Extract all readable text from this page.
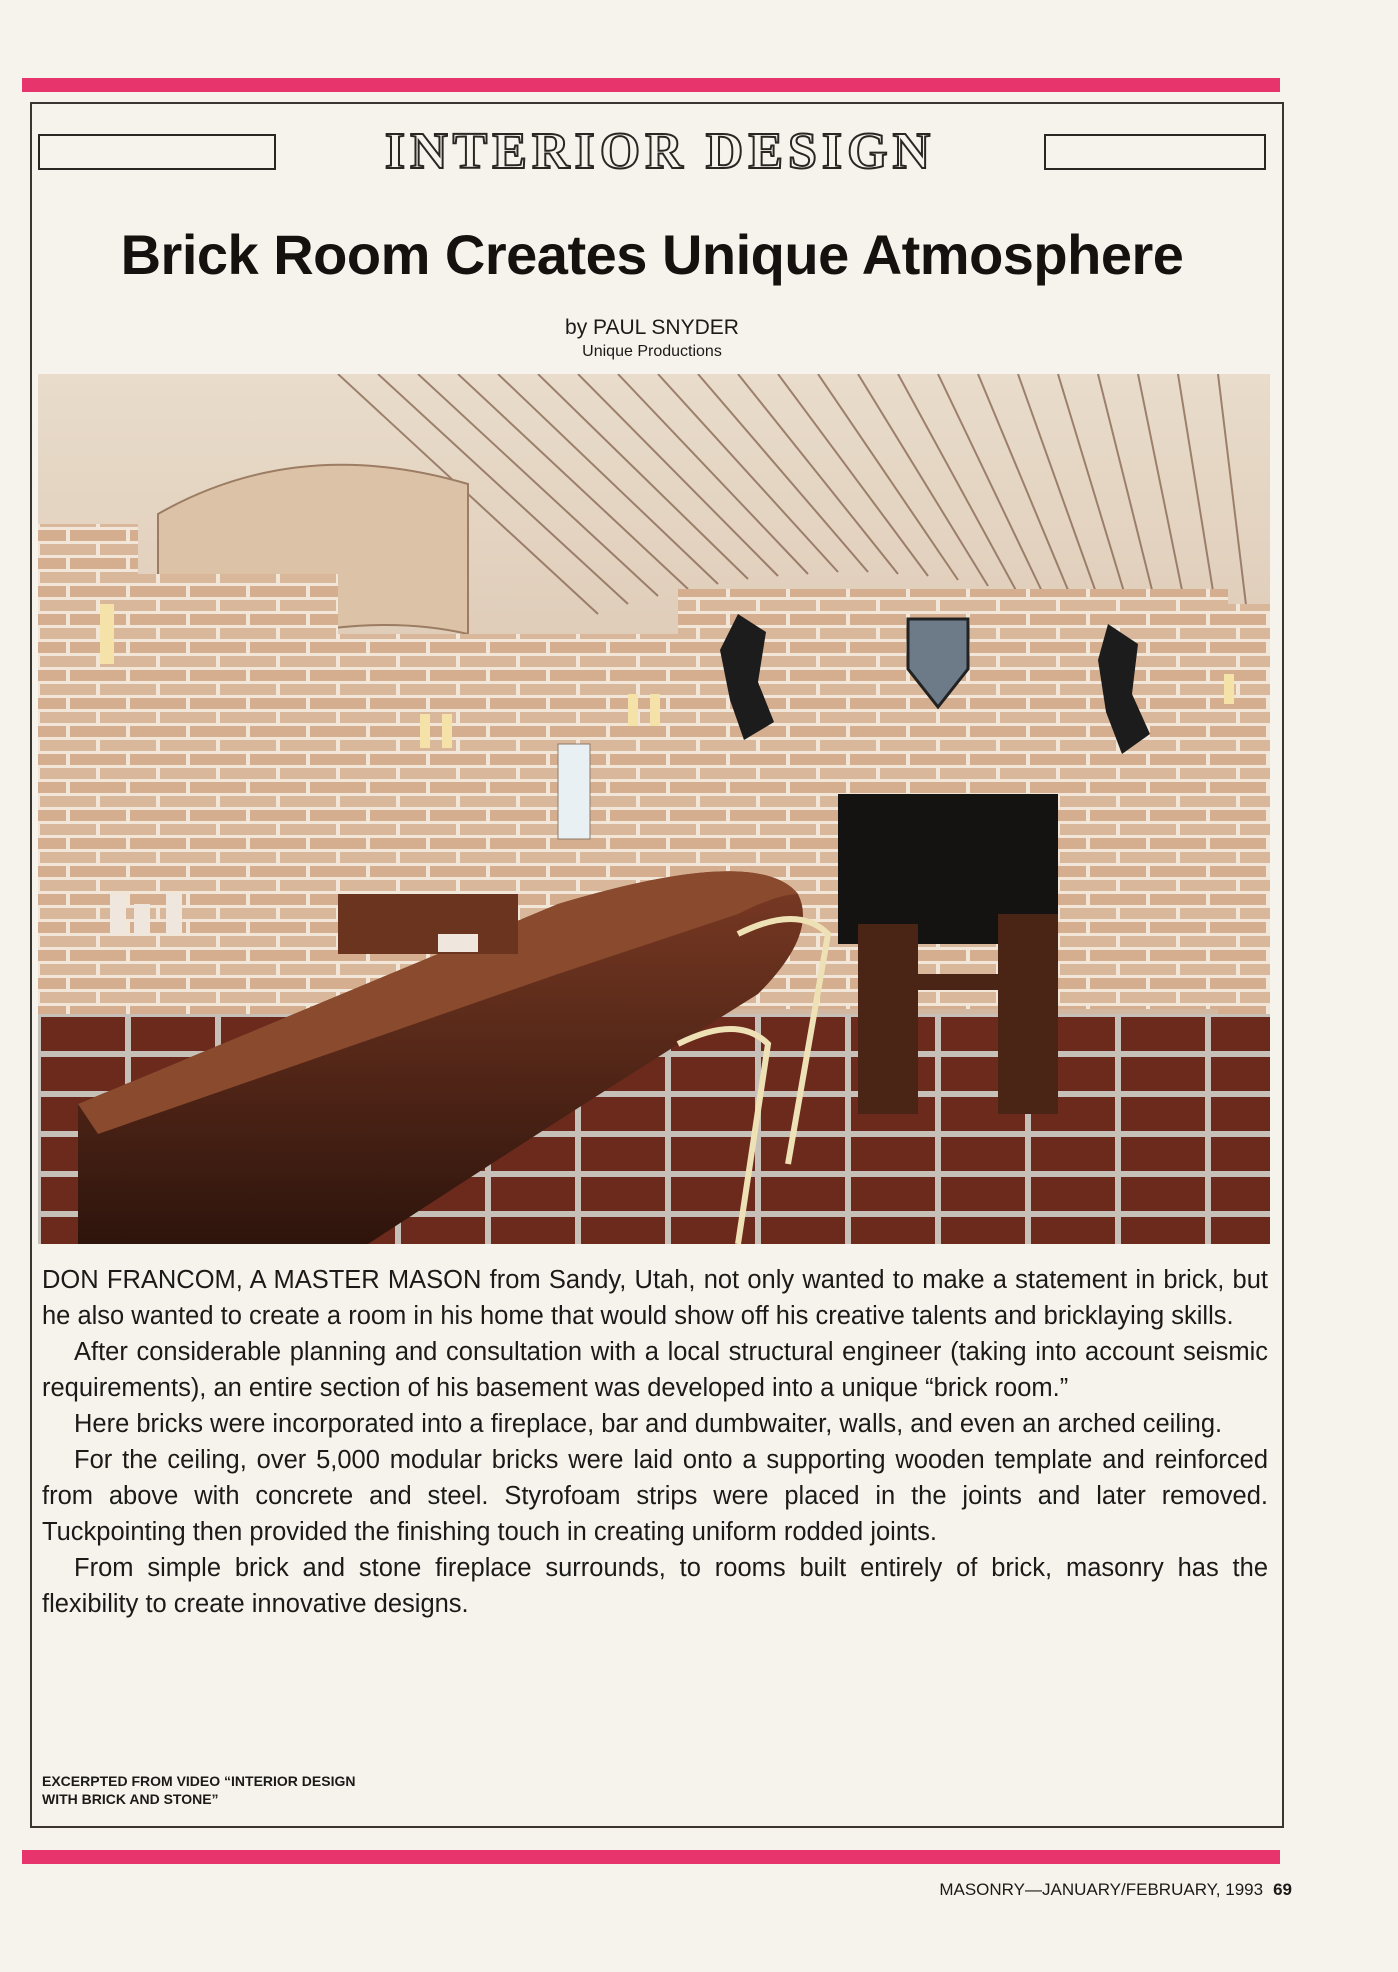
INTERIOR DESIGN
Brick Room Creates Unique Atmosphere
by PAUL SNYDER
Unique Productions

DON FRANCOM, A MASTER MASON from Sandy, Utah, not only wanted to make a statement in brick, but he also wanted to create a room in his home that would show off his creative talents and bricklaying skills.

After considerable planning and consultation with a local structural engineer (taking into account seismic requirements), an entire section of his basement was developed into a unique “brick room.”

Here bricks were incorporated into a fireplace, bar and dumbwaiter, walls, and even an arched ceiling.

For the ceiling, over 5,000 modular bricks were laid onto a supporting wooden template and reinforced from above with concrete and steel. Styrofoam strips were placed in the joints and later removed. Tuckpointing then provided the finishing touch in creating uniform rodded joints.

From simple brick and stone fireplace surrounds, to rooms built entirely of brick, masonry has the flexibility to create innovative designs.

EXCERPTED FROM VIDEO “INTERIOR DESIGN
WITH BRICK AND STONE”
MASONRY—JANUARY/FEBRUARY, 1993 69
